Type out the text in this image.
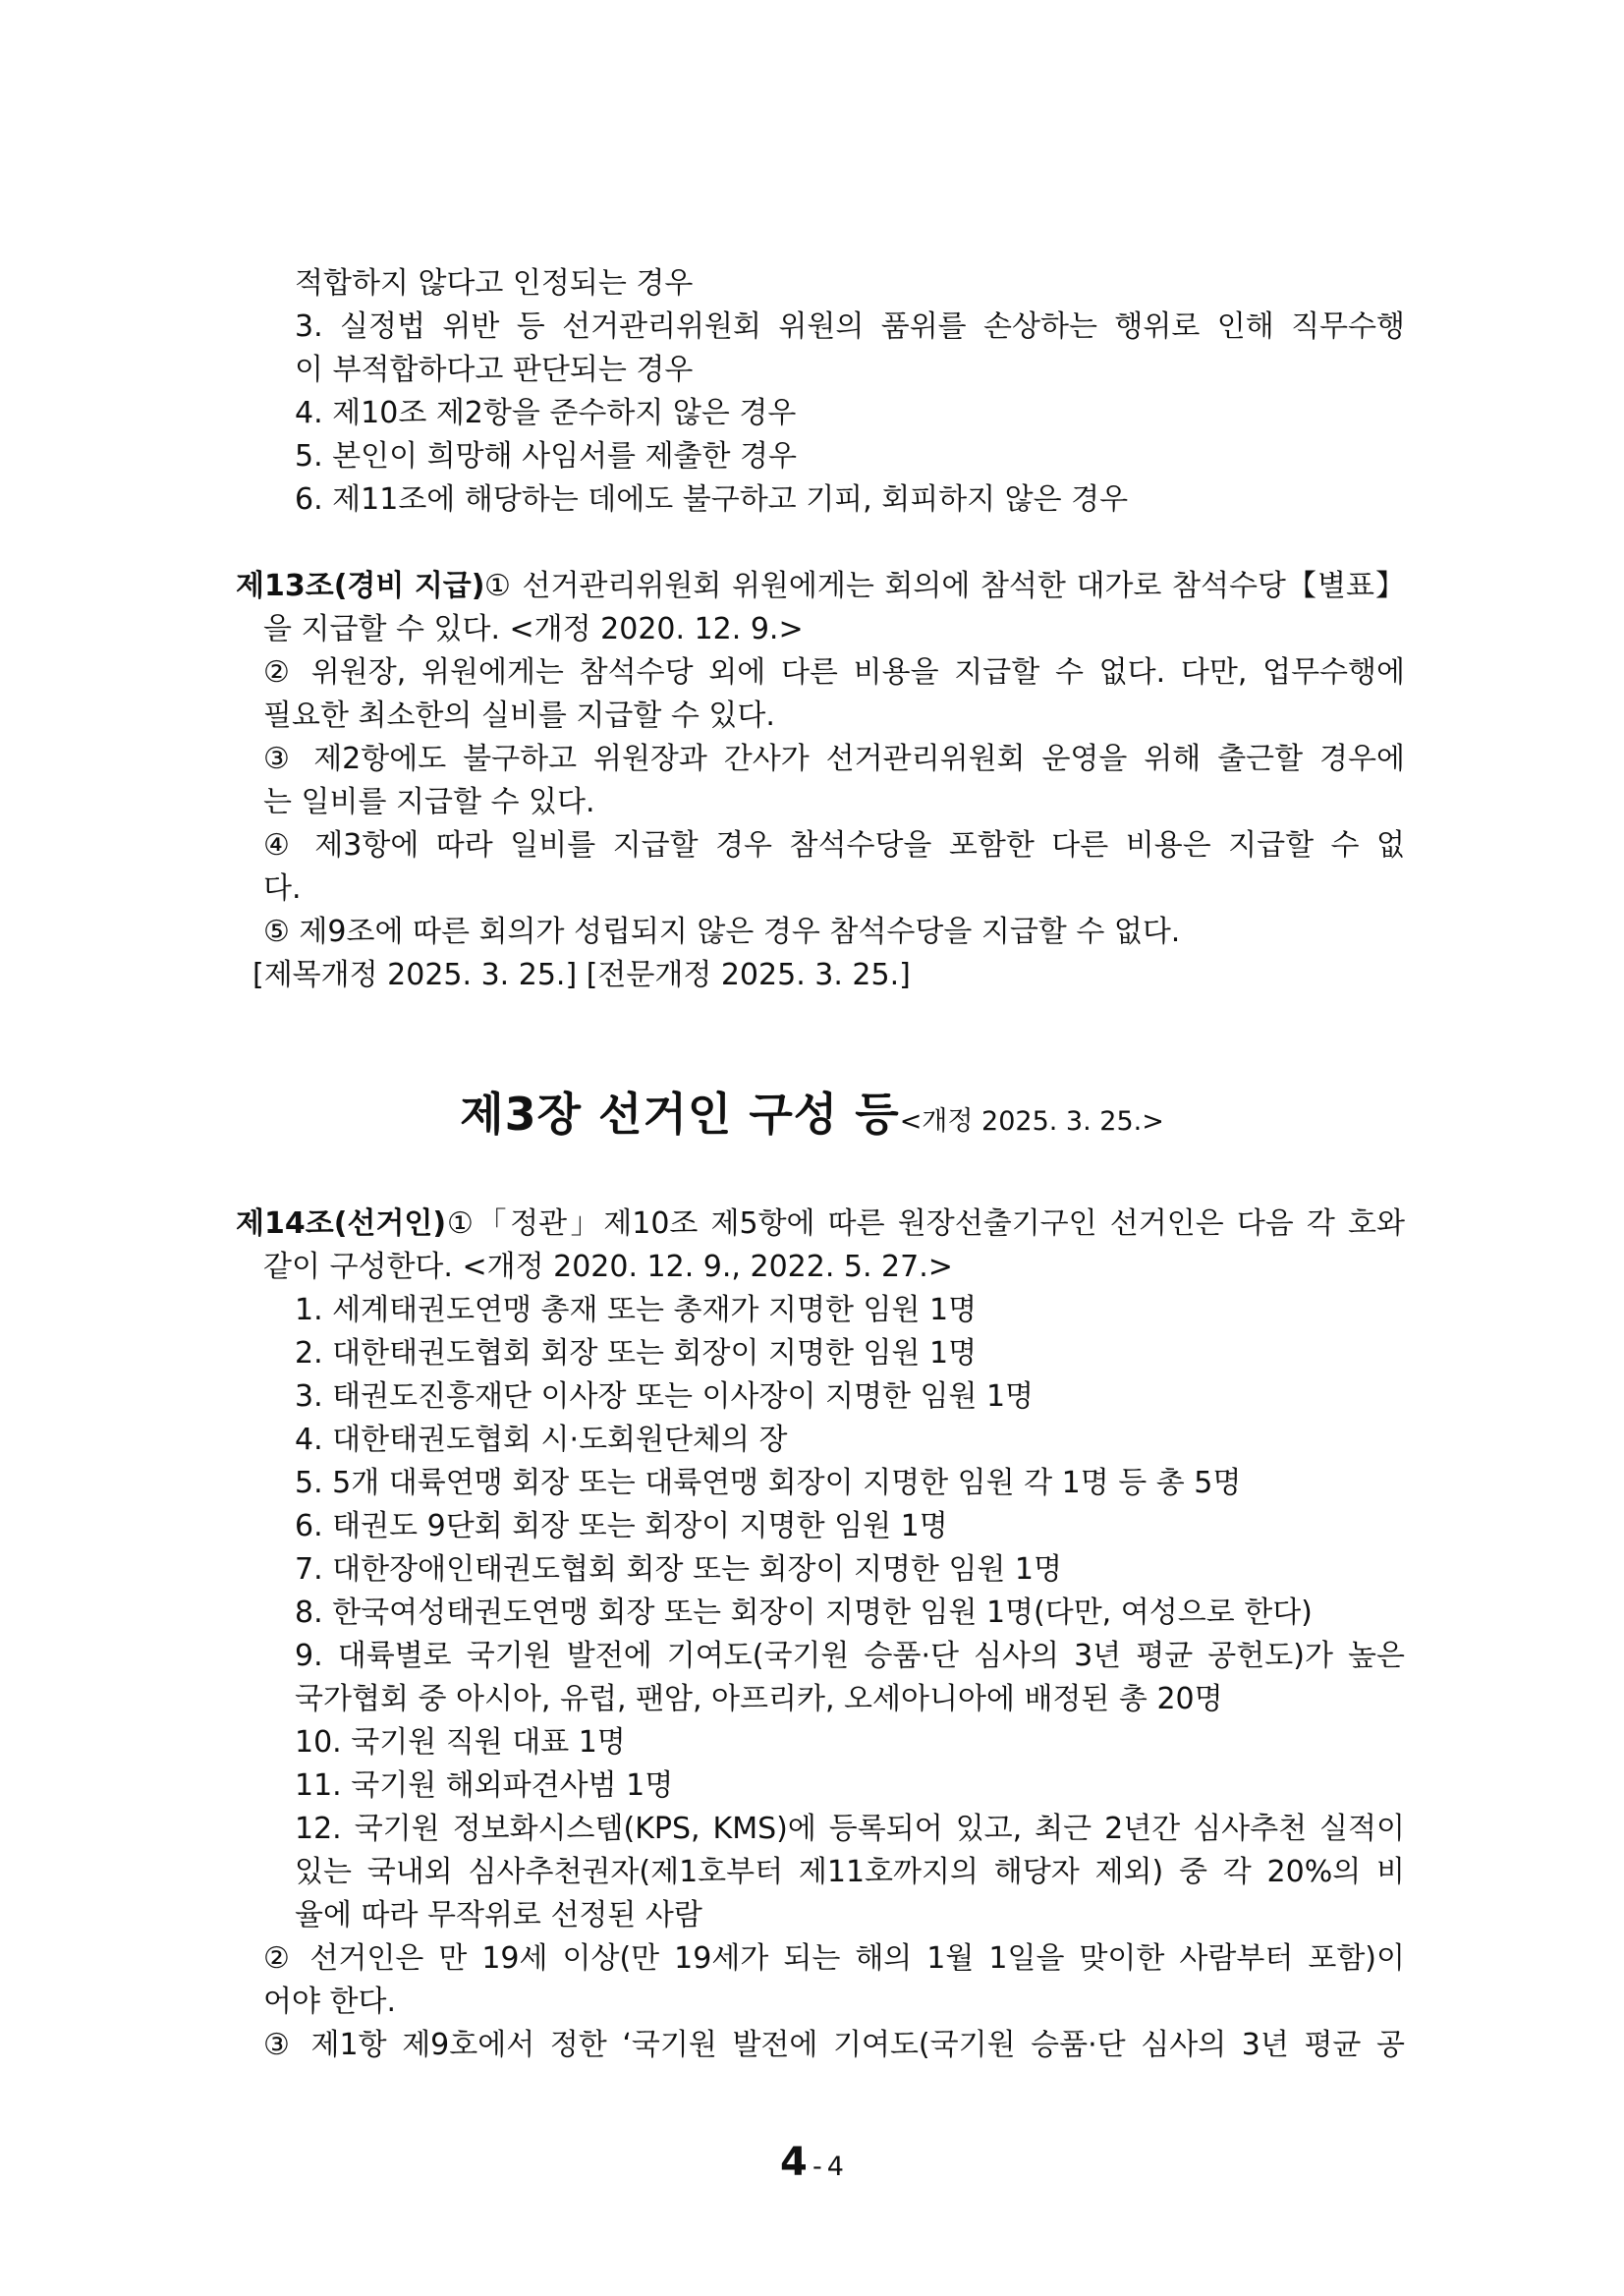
적합하지 않다고 인정되는 경우
3. 실정법 위반 등 선거관리위원회 위원의 품위를 손상하는 행위로 인해 직무수행
이 부적합하다고 판단되는 경우
4. 제10조 제2항을 준수하지 않은 경우
5. 본인이 희망해 사임서를 제출한 경우
6. 제11조에 해당하는 데에도 불구하고 기피, 회피하지 않은 경우
제13조(경비 지급) ① 선거관리위원회 위원에게는 회의에 참석한 대가로 참석수당【별표】
을 지급할 수 있다. <개정 2020. 12. 9.>
② 위원장, 위원에게는 참석수당 외에 다른 비용을 지급할 수 없다. 다만, 업무수행에
필요한 최소한의 실비를 지급할 수 있다.
③ 제2항에도 불구하고 위원장과 간사가 선거관리위원회 운영을 위해 출근할 경우에
는 일비를 지급할 수 있다.
④ 제3항에 따라 일비를 지급할 경우 참석수당을 포함한 다른 비용은 지급할 수 없
다.
⑤ 제9조에 따른 회의가 성립되지 않은 경우 참석수당을 지급할 수 없다.
[제목개정 2025. 3. 25.] [전문개정 2025. 3. 25.]
제3장 선거인 구성 등<개정 2025. 3. 25.>
제14조(선거인) ①「정관」제10조 제5항에 따른 원장선출기구인 선거인은 다음 각 호와
같이 구성한다. <개정 2020. 12. 9., 2022. 5. 27.>
1. 세계태권도연맹 총재 또는 총재가 지명한 임원 1명
2. 대한태권도협회 회장 또는 회장이 지명한 임원 1명
3. 태권도진흥재단 이사장 또는 이사장이 지명한 임원 1명
4. 대한태권도협회 시·도회원단체의 장
5. 5개 대륙연맹 회장 또는 대륙연맹 회장이 지명한 임원 각 1명 등 총 5명
6. 태권도 9단회 회장 또는 회장이 지명한 임원 1명
7. 대한장애인태권도협회 회장 또는 회장이 지명한 임원 1명
8. 한국여성태권도연맹 회장 또는 회장이 지명한 임원 1명(다만, 여성으로 한다)
9. 대륙별로 국기원 발전에 기여도(국기원 승품·단 심사의 3년 평균 공헌도)가 높은
국가협회 중 아시아, 유럽, 팬암, 아프리카, 오세아니아에 배정된 총 20명
10. 국기원 직원 대표 1명
11. 국기원 해외파견사범 1명
12. 국기원 정보화시스템(KPS, KMS)에 등록되어 있고, 최근 2년간 심사추천 실적이
있는 국내외 심사추천권자(제1호부터 제11호까지의 해당자 제외) 중 각 20%의 비
율에 따라 무작위로 선정된 사람
② 선거인은 만 19세 이상(만 19세가 되는 해의 1월 1일을 맞이한 사람부터 포함)이
어야 한다.
③ 제1항 제9호에서 정한 ‘국기원 발전에 기여도(국기원 승품·단 심사의 3년 평균 공
4 - 4
